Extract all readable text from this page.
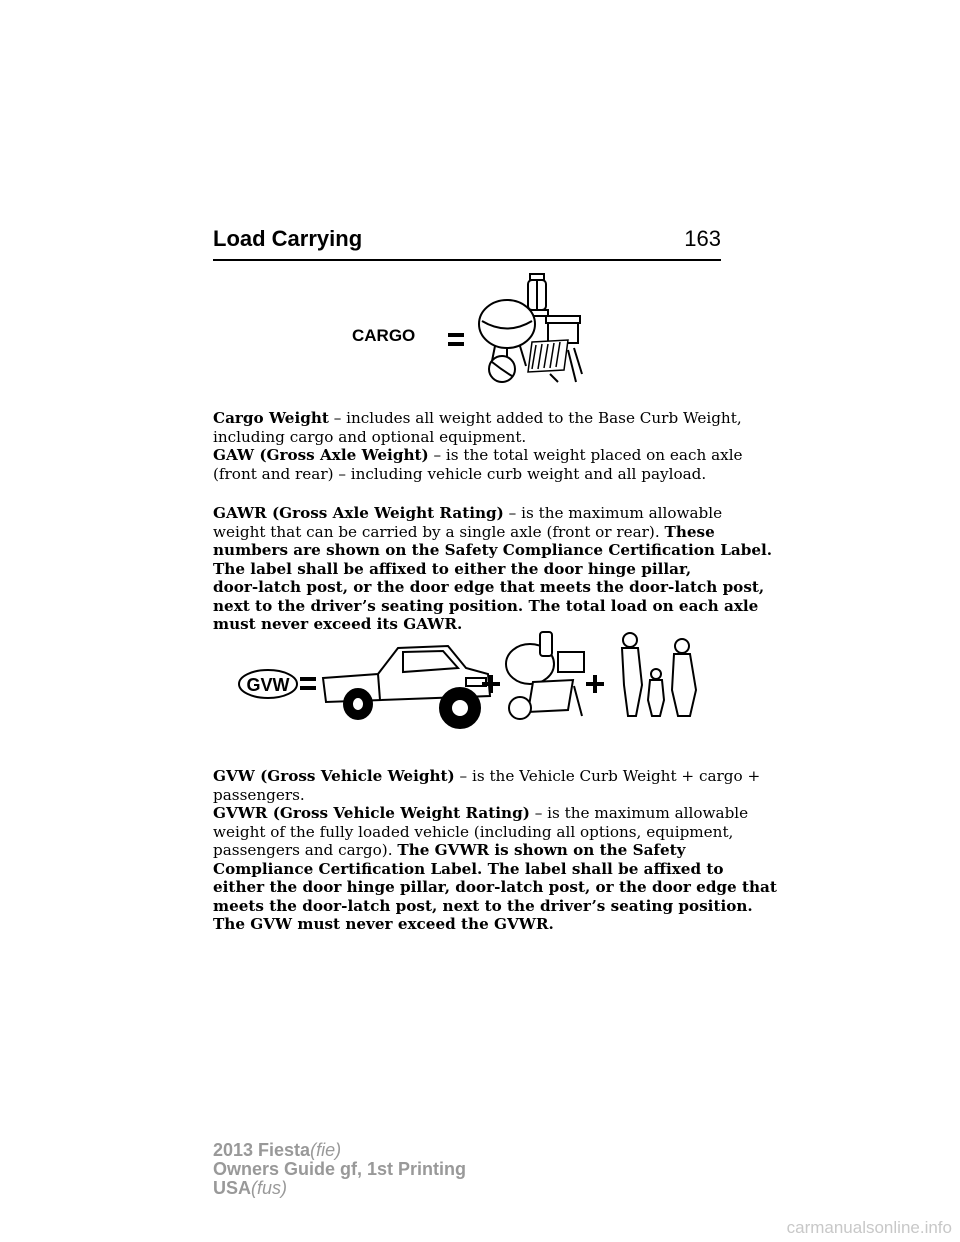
Load Carrying	163
CARGO
Cargo Weight – includes all weight added to the Base Curb Weight,
including cargo and optional equipment.
GAW (Gross Axle Weight) – is the total weight placed on each axle
(front and rear) – including vehicle curb weight and all payload.
GAWR (Gross Axle Weight Rating) – is the maximum allowable
weight that can be carried by a single axle (front or rear). These
numbers are shown on the Safety Compliance Certification Label.
The label shall be affixed to either the door hinge pillar,
door-latch post, or the door edge that meets the door-latch post,
next to the driver’s seating position. The total load on each axle
must never exceed its GAWR.
GVW
GVW (Gross Vehicle Weight) – is the Vehicle Curb Weight + cargo +
passengers.
GVWR (Gross Vehicle Weight Rating) – is the maximum allowable
weight of the fully loaded vehicle (including all options, equipment,
passengers and cargo). The GVWR is shown on the Safety
Compliance Certification Label. The label shall be affixed to
either the door hinge pillar, door-latch post, or the door edge that
meets the door-latch post, next to the driver’s seating position.
The GVW must never exceed the GVWR.
2013 Fiesta(fie)
Owners Guide gf, 1st Printing
USA(fus)
carmanualsonline.info
